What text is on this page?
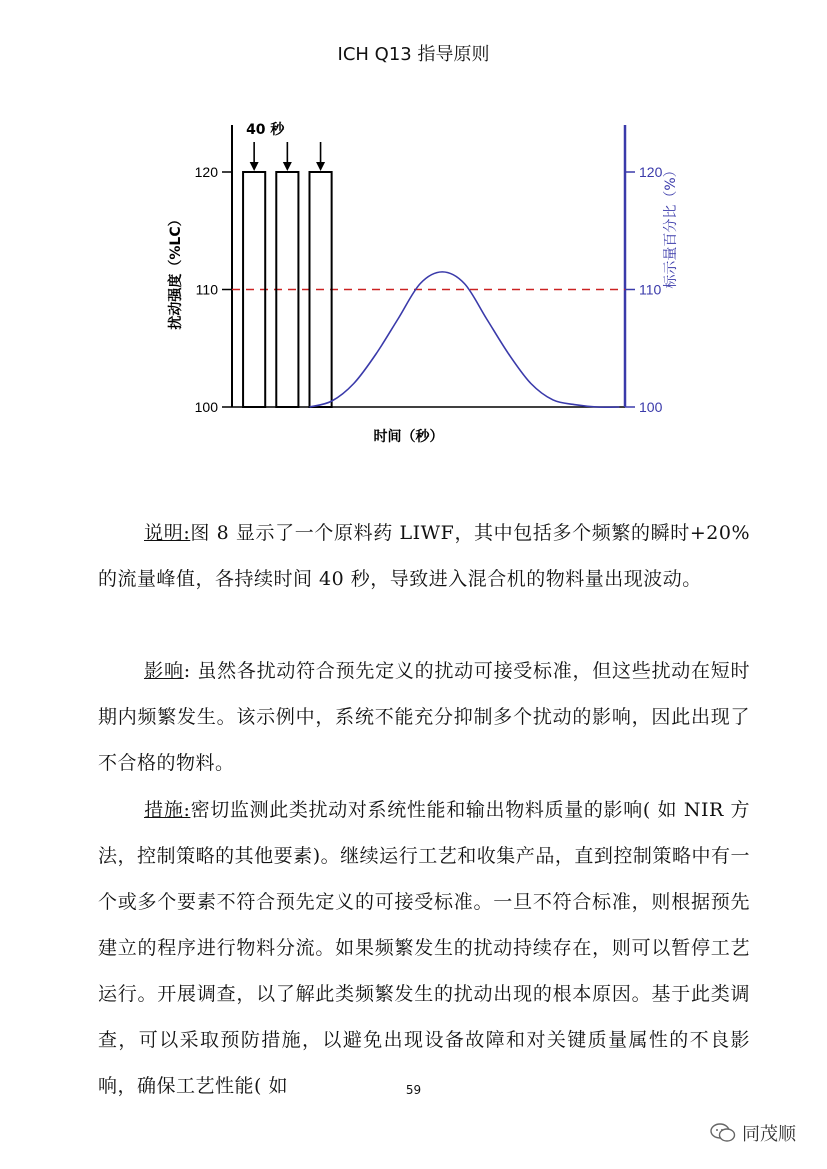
ICH Q13 指导原则
120	120
110	110
100	100
40 秒
时间（秒）
扰动强度（%LC）	标示量百分比（%）

说明:图 8 显示了一个原料药 LIWF，其中包括多个频繁的瞬时+20%的流量峰值，各持续时间 40 秒，导致进入混合机的物料量出现波动。

影响: 虽然各扰动符合预先定义的扰动可接受标准，但这些扰动在短时期内频繁发生。该示例中，系统不能充分抑制多个扰动的影响，因此出现了不合格的物料。

措施:密切监测此类扰动对系统性能和输出物料质量的影响( 如 NIR 方法，控制策略的其他要素)。继续运行工艺和收集产品，直到控制策略中有一个或多个要素不符合预先定义的可接受标准。一旦不符合标准，则根据预先建立的程序进行物料分流。如果频繁发生的扰动持续存在，则可以暂停工艺运行。开展调查，以了解此类频繁发生的扰动出现的根本原因。基于此类调查，可以采取预防措施，以避免出现设备故障和对关键质量属性的不良影响，确保工艺性能( 如	59
同茂顺
